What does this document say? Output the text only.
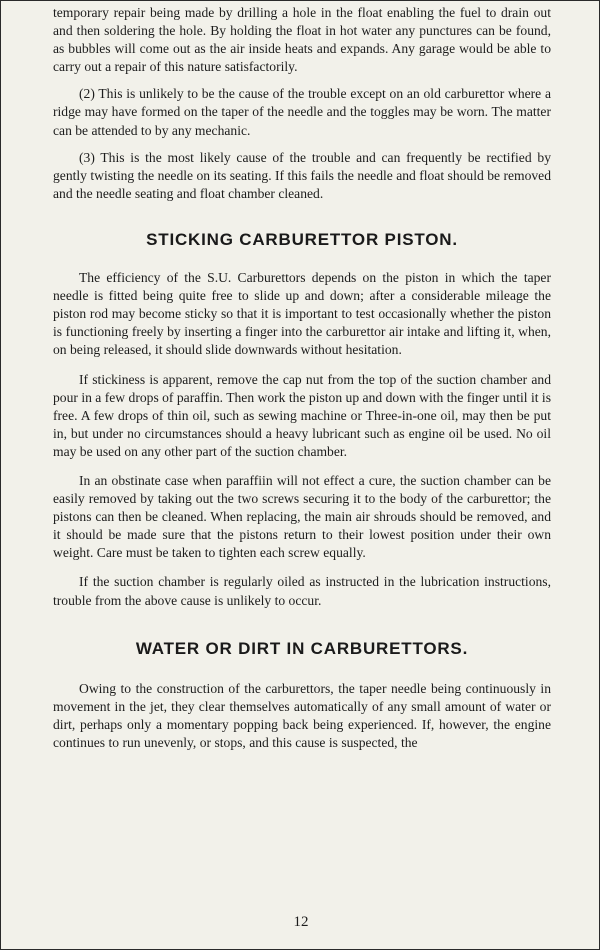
temporary repair being made by drilling a hole in the float enabling the fuel to drain out and then soldering the hole. By holding the float in hot water any punctures can be found, as bubbles will come out as the air inside heats and expands. Any garage would be able to carry out a repair of this nature satisfactorily.

(2) This is unlikely to be the cause of the trouble except on an old carburettor where a ridge may have formed on the taper of the needle and the toggles may be worn. The matter can be attended to by any mechanic.

(3) This is the most likely cause of the trouble and can frequently be rectified by gently twisting the needle on its seating. If this fails the needle and float should be removed and the needle seating and float chamber cleaned.

STICKING CARBURETTOR PISTON.

The efficiency of the S.U. Carburettors depends on the piston in which the taper needle is fitted being quite free to slide up and down; after a considerable mileage the piston rod may become sticky so that it is important to test occasionally whether the piston is functioning freely by inserting a finger into the carburettor air intake and lifting it, when, on being released, it should slide downwards without hesitation.

If stickiness is apparent, remove the cap nut from the top of the suction chamber and pour in a few drops of paraffin. Then work the piston up and down with the finger until it is free. A few drops of thin oil, such as sewing machine or Three-in-one oil, may then be put in, but under no circumstances should a heavy lubricant such as engine oil be used. No oil may be used on any other part of the suction chamber.

In an obstinate case when paraffiin will not effect a cure, the suction chamber can be easily removed by taking out the two screws securing it to the body of the carburettor; the pistons can then be cleaned. When replacing, the main air shrouds should be removed, and it should be made sure that the pistons return to their lowest position under their own weight. Care must be taken to tighten each screw equally.

If the suction chamber is regularly oiled as instructed in the lubrication instructions, trouble from the above cause is unlikely to occur.

WATER OR DIRT IN CARBURETTORS.

Owing to the construction of the carburettors, the taper needle being continuously in movement in the jet, they clear themselves automatically of any small amount of water or dirt, perhaps only a momentary popping back being experienced. If, however, the engine continues to run unevenly, or stops, and this cause is suspected, the

12
